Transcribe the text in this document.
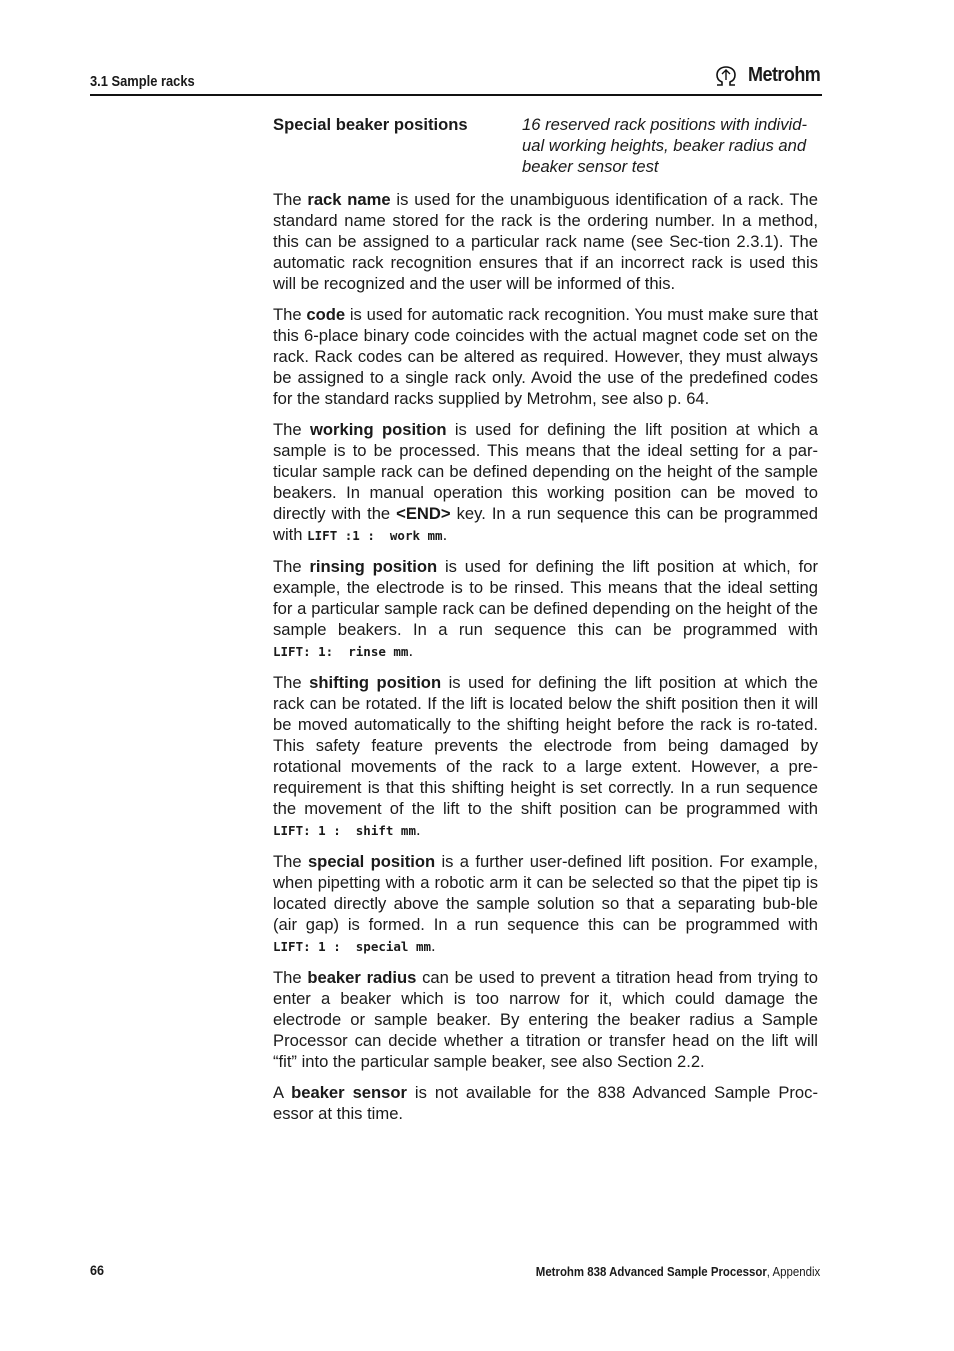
3.1 Sample racks	Metrohm
Special beaker positions	16 reserved rack positions with individ-ual working heights, beaker radius and beaker sensor test

The rack name is used for the unambiguous identification of a rack. The standard name stored for the rack is the ordering number. In a method, this can be assigned to a particular rack name (see Sec-tion 2.3.1). The automatic rack recognition ensures that if an incorrect rack is used this will be recognized and the user will be informed of this.

The code is used for automatic rack recognition. You must make sure that this 6-place binary code coincides with the actual magnet code set on the rack. Rack codes can be altered as required. However, they must always be assigned to a single rack only. Avoid the use of the predefined codes for the standard racks supplied by Metrohm, see also p. 64.

The working position is used for defining the lift position at which a sample is to be processed. This means that the ideal setting for a par-ticular sample rack can be defined depending on the height of the sample beakers. In manual operation this working position can be moved to directly with the <END> key. In a run sequence this can be programmed with LIFT :1 :  work mm.

The rinsing position is used for defining the lift position at which, for example, the electrode is to be rinsed. This means that the ideal setting for a particular sample rack can be defined depending on the height of the sample beakers. In a run sequence this can be programmed with LIFT: 1:  rinse mm.

The shifting position is used for defining the lift position at which the rack can be rotated. If the lift is located below the shift position then it will be moved automatically to the shifting height before the rack is ro-tated. This safety feature prevents the electrode from being damaged by rotational movements of the rack to a large extent. However, a pre-requirement is that this shifting height is set correctly. In a run sequence the movement of the lift to the shift position can be programmed with LIFT: 1 :  shift mm.

The special position is a further user-defined lift position. For example, when pipetting with a robotic arm it can be selected so that the pipet tip is located directly above the sample solution so that a separating bub-ble (air gap) is formed. In a run sequence this can be programmed with LIFT: 1 :  special mm.

The beaker radius can be used to prevent a titration head from trying to enter a beaker which is too narrow for it, which could damage the electrode or sample beaker. By entering the beaker radius a Sample Processor can decide whether a titration or transfer head on the lift will “fit” into the particular sample beaker, see also Section 2.2.

A beaker sensor is not available for the 838 Advanced Sample Proc-essor at this time.

66	Metrohm 838 Advanced Sample Processor, Appendix
